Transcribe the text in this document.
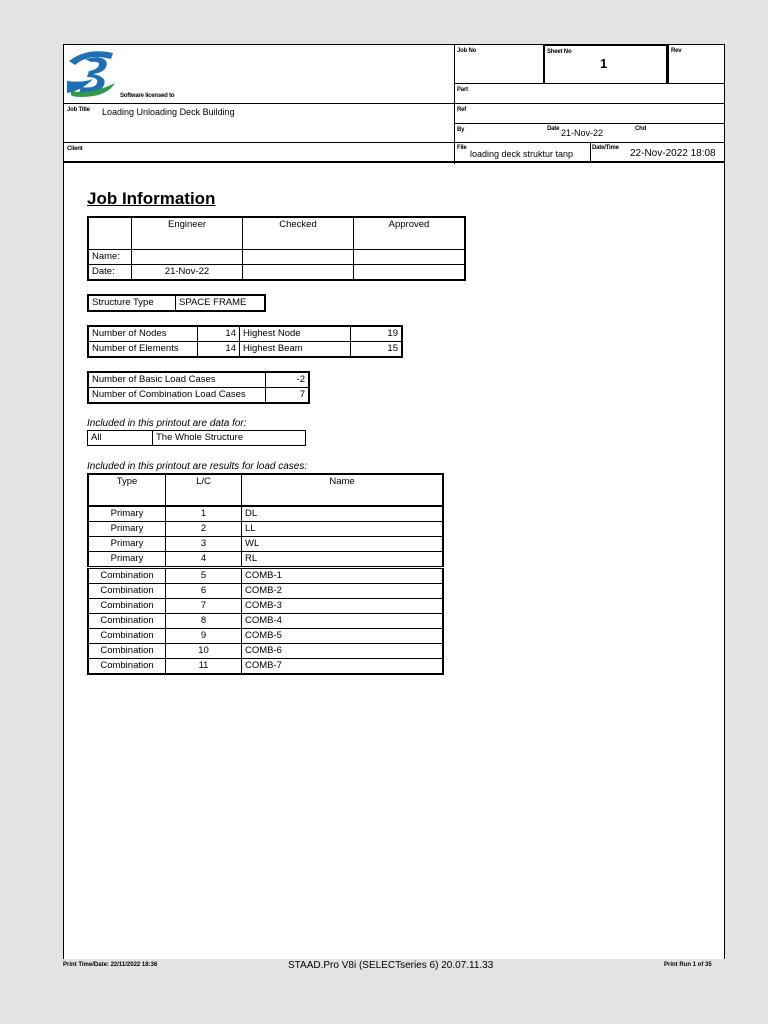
Software licensed to
Job No	Sheet No
1
Rev
Part
Job Title Loading Unloading Deck Building	Ref
By	Date 21-Nov-22	Chd
Client	File
loading deck struktur tanp
Date/Time 22-Nov-2022 18:08
Job Information
	Engineer	Checked	Approved
Name:			
Date:	21-Nov-22		
Structure Type	SPACE FRAME
Number of Nodes	14	Highest Node	19
Number of Elements	14	Highest Beam	15
Number of Basic Load Cases	-2
Number of Combination Load Cases	7
Included in this printout are data for:
All	The Whole Structure
Included in this printout are results for load cases:
Type	L/C	Name
Primary	1	DL
Primary	2	LL
Primary	3	WL
Primary	4	RL
Combination	5	COMB-1
Combination	6	COMB-2
Combination	7	COMB-3
Combination	8	COMB-4
Combination	9	COMB-5
Combination	10	COMB-6
Combination	11	COMB-7
Print Time/Date: 22/11/2022 18:36	STAAD.Pro V8i (SELECTseries 6) 20.07.11.33	Print Run 1 of 35
